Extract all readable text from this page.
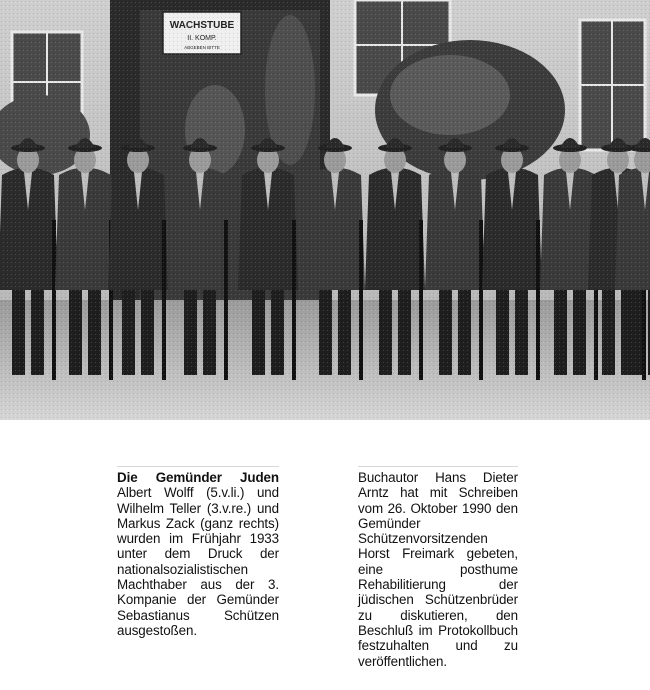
Die Gemünder Juden Albert Wolff (5.v.li.) und Wilhelm Teller (3.v.re.) und Markus Zack (ganz rechts) wurden im Frühjahr 1933 unter dem Druck der nationalsozialistischen Machthaber aus der 3. Kompanie der Gemünder Sebastianus Schützen ausgestoßen.
Buchautor Hans Dieter Arntz hat mit Schreiben vom 26. Oktober 1990 den Gemünder Schützenvorsitzenden Horst Freimark gebeten, eine posthume Rehabilitierung der jüdischen Schützenbrüder zu diskutieren, den Beschluß im Protokollbuch festzuhalten und zu veröffentlichen.
